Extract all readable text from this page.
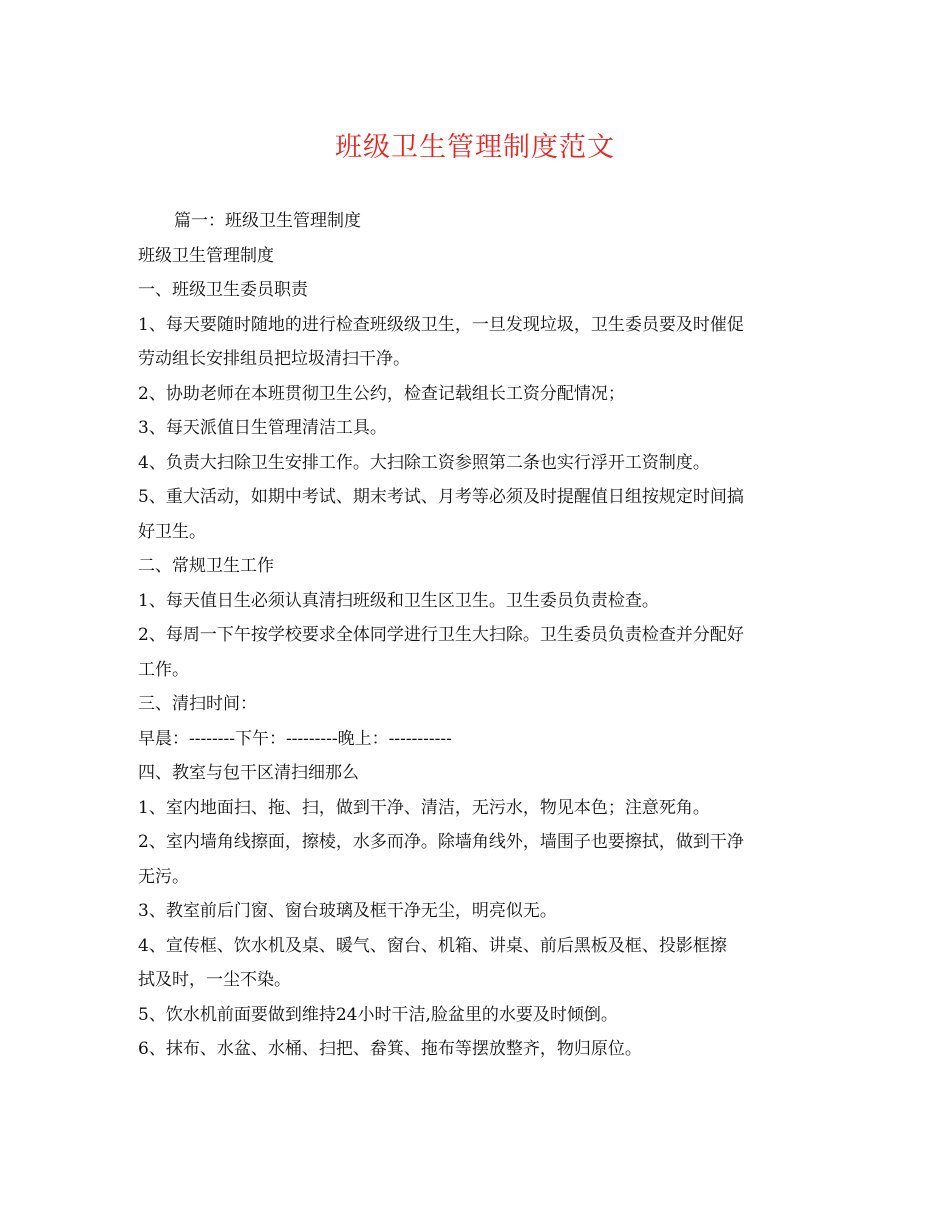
班级卫生管理制度范文

篇一：班级卫生管理制度

班级卫生管理制度

一、班级卫生委员职责

1、每天要随时随地的进行检查班级级卫生，一旦发现垃圾，卫生委员要及时催促

劳动组长安排组员把垃圾清扫干净。

2、协助老师在本班贯彻卫生公约，检查记载组长工资分配情况；

3、每天派值日生管理清洁工具。

4、负责大扫除卫生安排工作。大扫除工资参照第二条也实行浮开工资制度。

5、重大活动，如期中考试、期末考试、月考等必须及时提醒值日组按规定时间搞

好卫生。

二、常规卫生工作

1、每天值日生必须认真清扫班级和卫生区卫生。卫生委员负责检查。

2、每周一下午按学校要求全体同学进行卫生大扫除。卫生委员负责检查并分配好

工作。

三、清扫时间：

早晨：--------下午：---------晚上：-----------

四、教室与包干区清扫细那么

1、室内地面扫、拖、扫，做到干净、清洁，无污水，物见本色；注意死角。

2、室内墙角线擦面，擦棱，水多而净。除墙角线外，墙围子也要擦拭，做到干净

无污。

3、教室前后门窗、窗台玻璃及框干净无尘，明亮似无。

4、宣传框、饮水机及桌、暖气、窗台、机箱、讲桌、前后黑板及框、投影框擦

拭及时，一尘不染。

5、饮水机前面要做到维持24小时干洁,脸盆里的水要及时倾倒。

6、抹布、水盆、水桶、扫把、畚箕、拖布等摆放整齐，物归原位。
